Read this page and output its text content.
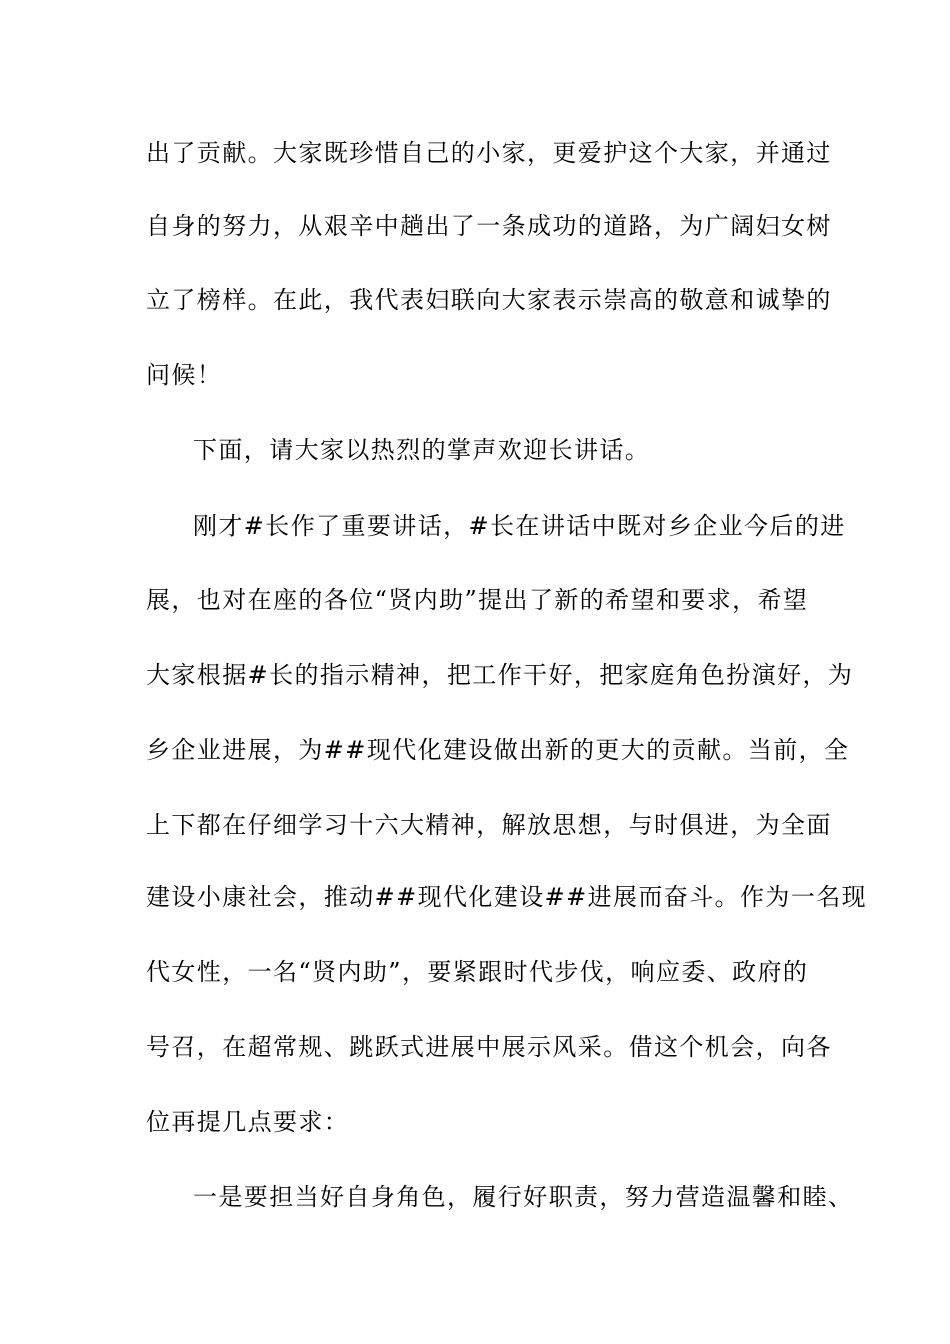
出了贡献。大家既珍惜自己的小家，更爱护这个大家，并通过
自身的努力，从艰辛中趟出了一条成功的道路，为广阔妇女树
立了榜样。在此，我代表妇联向大家表示崇高的敬意和诚挚的
问候！
下面，请大家以热烈的掌声欢迎长讲话。
刚才#长作了重要讲话，#长在讲话中既对乡企业今后的进
展，也对在座的各位“贤内助”提出了新的希望和要求，希望
大家根据#长的指示精神，把工作干好，把家庭角色扮演好，为
乡企业进展，为##现代化建设做出新的更大的贡献。当前，全
上下都在仔细学习十六大精神，解放思想，与时俱进，为全面
建设小康社会，推动##现代化建设##进展而奋斗。作为一名现
代女性，一名“贤内助”，要紧跟时代步伐，响应委、政府的
号召，在超常规、跳跃式进展中展示风采。借这个机会，向各
位再提几点要求：
一是要担当好自身角色，履行好职责，努力营造温馨和睦、
